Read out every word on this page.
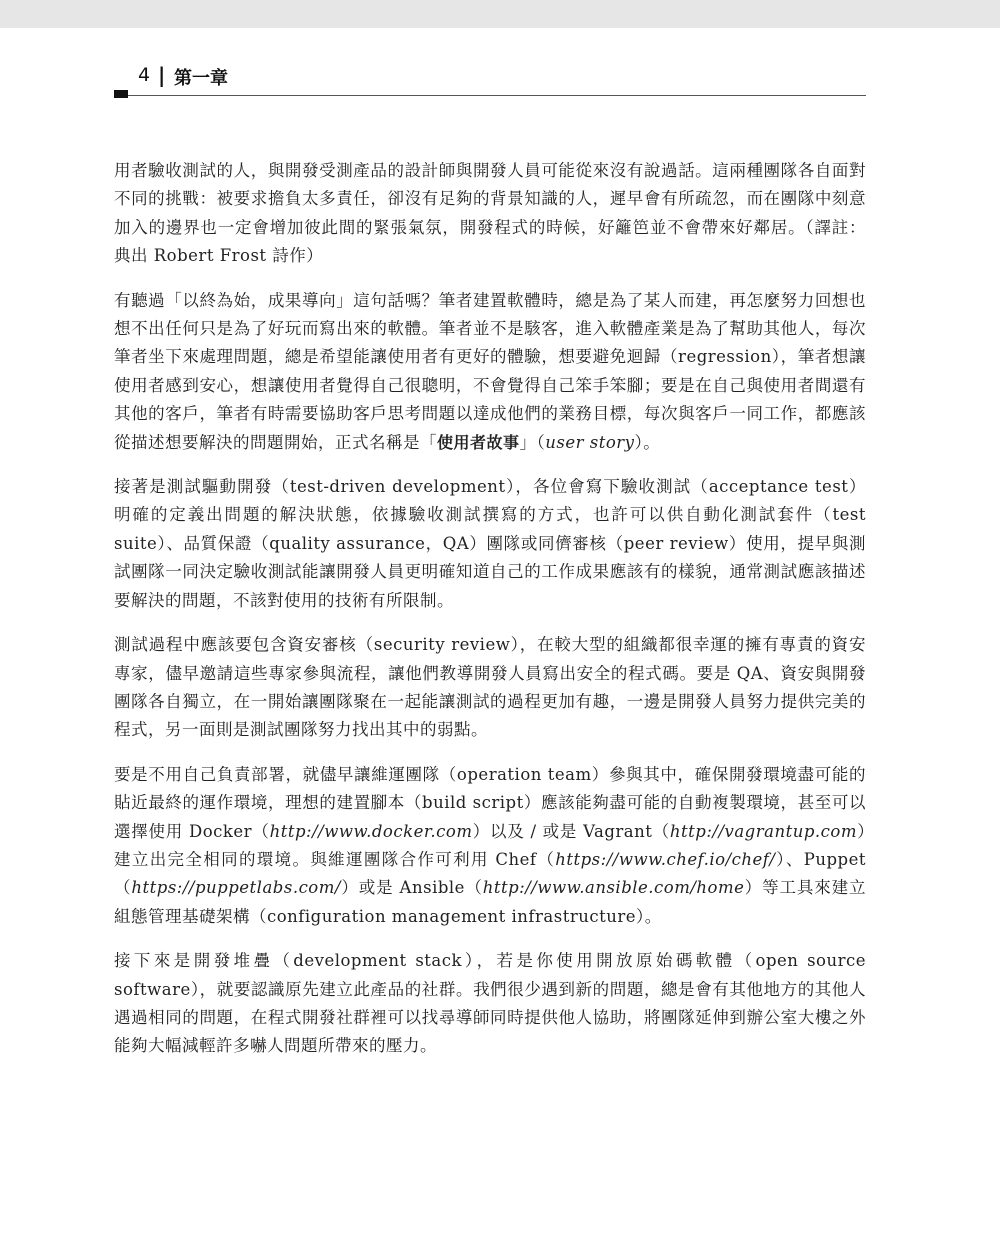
4 | 第一章

用者驗收測試的人，與開發受測產品的設計師與開發人員可能從來沒有說過話。這兩種團隊各自面對不同的挑戰：被要求擔負太多責任，卻沒有足夠的背景知識的人，遲早會有所疏忽，而在團隊中刻意加入的邊界也一定會增加彼此間的緊張氣氛，開發程式的時候，好籬笆並不會帶來好鄰居。（譯註：典出 Robert Frost 詩作）

有聽過「以終為始，成果導向」這句話嗎？筆者建置軟體時，總是為了某人而建，再怎麼努力回想也想不出任何只是為了好玩而寫出來的軟體。筆者並不是駭客，進入軟體產業是為了幫助其他人，每次筆者坐下來處理問題，總是希望能讓使用者有更好的體驗，想要避免迴歸（regression），筆者想讓使用者感到安心，想讓使用者覺得自己很聰明，不會覺得自己笨手笨腳；要是在自己與使用者間還有其他的客戶，筆者有時需要協助客戶思考問題以達成他們的業務目標，每次與客戶一同工作，都應該從描述想要解決的問題開始，正式名稱是「使用者故事」（user story）。

接著是測試驅動開發（test-driven development），各位會寫下驗收測試（acceptance test）明確的定義出問題的解決狀態，依據驗收測試撰寫的方式，也許可以供自動化測試套件（test suite）、品質保證（quality assurance，QA）團隊或同儕審核（peer review）使用，提早與測試團隊一同決定驗收測試能讓開發人員更明確知道自己的工作成果應該有的樣貌，通常測試應該描述要解決的問題，不該對使用的技術有所限制。

測試過程中應該要包含資安審核（security review），在較大型的組織都很幸運的擁有專責的資安專家，儘早邀請這些專家參與流程，讓他們教導開發人員寫出安全的程式碼。要是 QA、資安與開發團隊各自獨立，在一開始讓團隊聚在一起能讓測試的過程更加有趣，一邊是開發人員努力提供完美的程式，另一面則是測試團隊努力找出其中的弱點。

要是不用自己負責部署，就儘早讓維運團隊（operation team）參與其中，確保開發環境盡可能的貼近最終的運作環境，理想的建置腳本（build script）應該能夠盡可能的自動複製環境，甚至可以選擇使用 Docker（http://www.docker.com）以及 / 或是 Vagrant（http://vagrantup.com）建立出完全相同的環境。與維運團隊合作可利用 Chef（https://www.chef.io/chef/）、Puppet（https://puppetlabs.com/）或是 Ansible（http://www.ansible.com/home）等工具來建立組態管理基礎架構（configuration management infrastructure）。

接下來是開發堆疊（development stack），若是你使用開放原始碼軟體（open source software），就要認識原先建立此產品的社群。我們很少遇到新的問題，總是會有其他地方的其他人遇過相同的問題，在程式開發社群裡可以找尋導師同時提供他人協助，將團隊延伸到辦公室大樓之外能夠大幅減輕許多嚇人問題所帶來的壓力。
